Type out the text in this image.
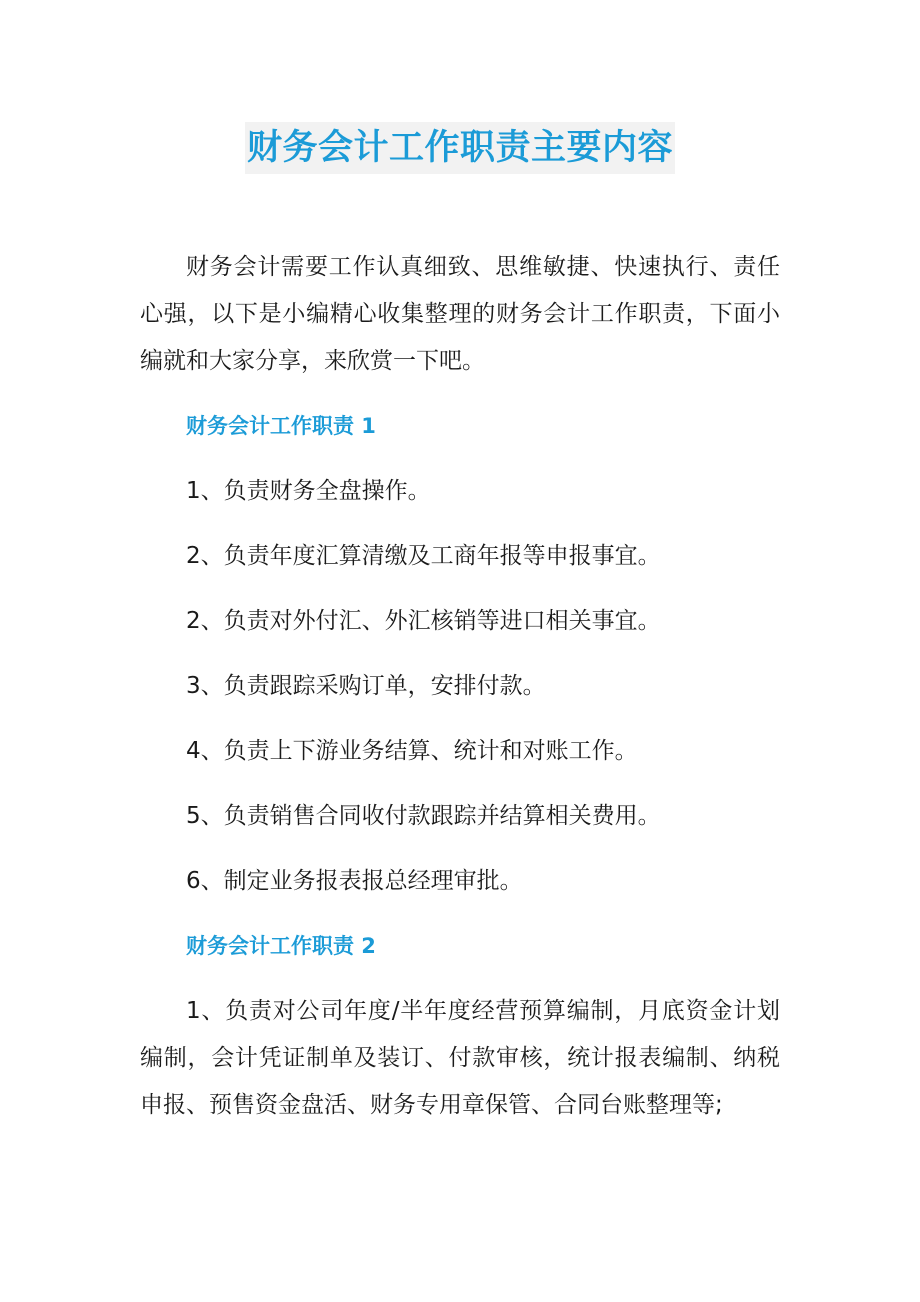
财务会计工作职责主要内容

财务会计需要工作认真细致、思维敏捷、快速执行、责任心强，以下是小编精心收集整理的财务会计工作职责，下面小编就和大家分享，来欣赏一下吧。

财务会计工作职责 1

1、负责财务全盘操作。

2、负责年度汇算清缴及工商年报等申报事宜。

2、负责对外付汇、外汇核销等进口相关事宜。

3、负责跟踪采购订单，安排付款。

4、负责上下游业务结算、统计和对账工作。

5、负责销售合同收付款跟踪并结算相关费用。

6、制定业务报表报总经理审批。

财务会计工作职责 2

1、负责对公司年度/半年度经营预算编制，月底资金计划编制，会计凭证制单及装订、付款审核，统计报表编制、纳税申报、预售资金盘活、财务专用章保管、合同台账整理等;
